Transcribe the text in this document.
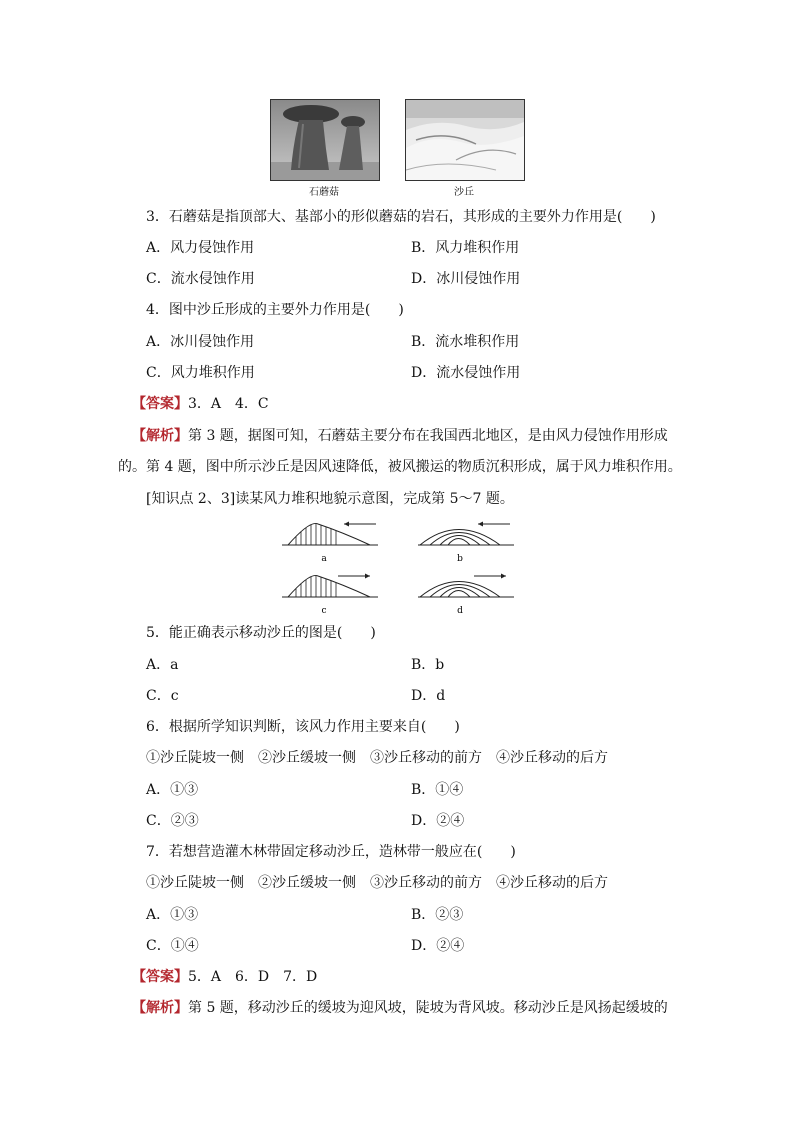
石蘑菇	沙丘
3．石蘑菇是指顶部大、基部小的形似蘑菇的岩石，其形成的主要外力作用是(　　)
A．风力侵蚀作用	B．风力堆积作用
C．流水侵蚀作用	D．冰川侵蚀作用
4．图中沙丘形成的主要外力作用是(　　)
A．冰川侵蚀作用	B．流水堆积作用
C．风力堆积作用	D．流水侵蚀作用
【答案】3．A　4．C
【解析】第 3 题，据图可知，石蘑菇主要分布在我国西北地区，是由风力侵蚀作用形成
的。第 4 题，图中所示沙丘是因风速降低，被风搬运的物质沉积形成，属于风力堆积作用。
[知识点 2、3]读某风力堆积地貌示意图，完成第 5～7 题。
a	b
c	d
5．能正确表示移动沙丘的图是(　　)
A．a	B．b
C．c	D．d
6．根据所学知识判断，该风力作用主要来自(　　)
①沙丘陡坡一侧　②沙丘缓坡一侧　③沙丘移动的前方　④沙丘移动的后方
A．①③	B．①④
C．②③	D．②④
7．若想营造灌木林带固定移动沙丘，造林带一般应在(　　)
①沙丘陡坡一侧　②沙丘缓坡一侧　③沙丘移动的前方　④沙丘移动的后方
A．①③	B．②③
C．①④	D．②④
【答案】5．A　6．D　7．D
【解析】第 5 题，移动沙丘的缓坡为迎风坡，陡坡为背风坡。移动沙丘是风扬起缓坡的
